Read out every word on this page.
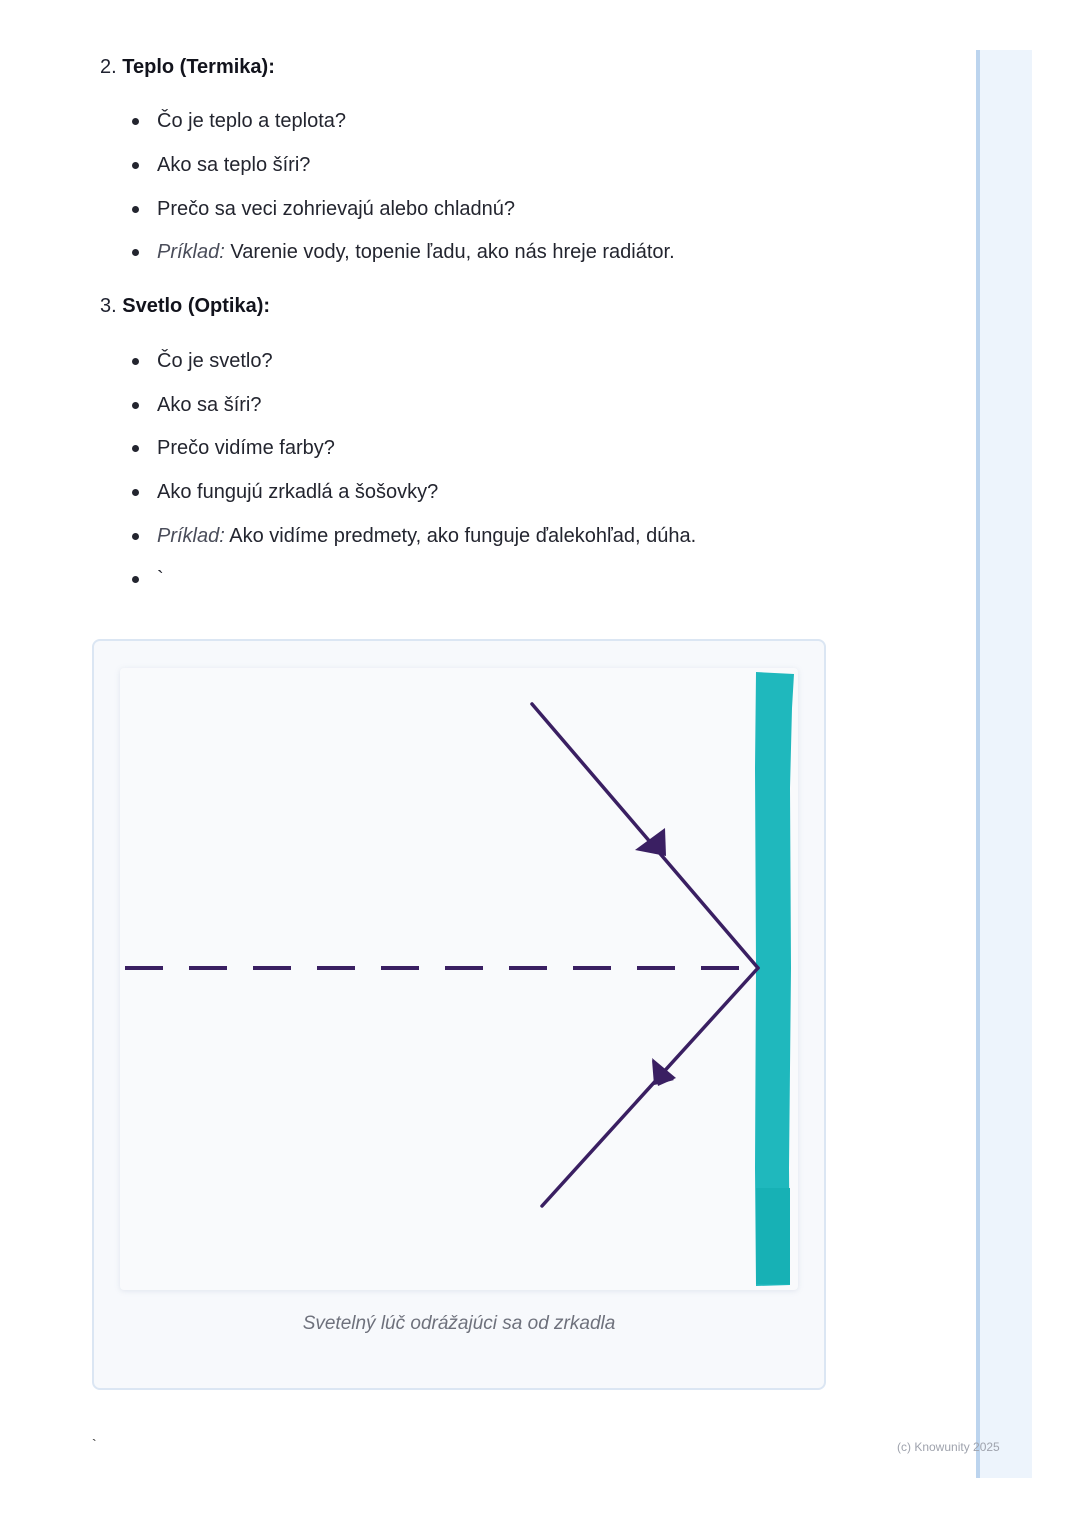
2. Teplo (Termika):
Čo je teplo a teplota?
Ako sa teplo šíri?
Prečo sa veci zohrievajú alebo chladnú?
Príklad: Varenie vody, topenie ľadu, ako nás hreje radiátor.
3. Svetlo (Optika):
Čo je svetlo?
Ako sa šíri?
Prečo vidíme farby?
Ako fungujú zrkadlá a šošovky?
Príklad: Ako vidíme predmety, ako funguje ďalekohľad, dúha.
`
Svetelný lúč odrážajúci sa od zrkadla
`	(c) Knowunity 2025
